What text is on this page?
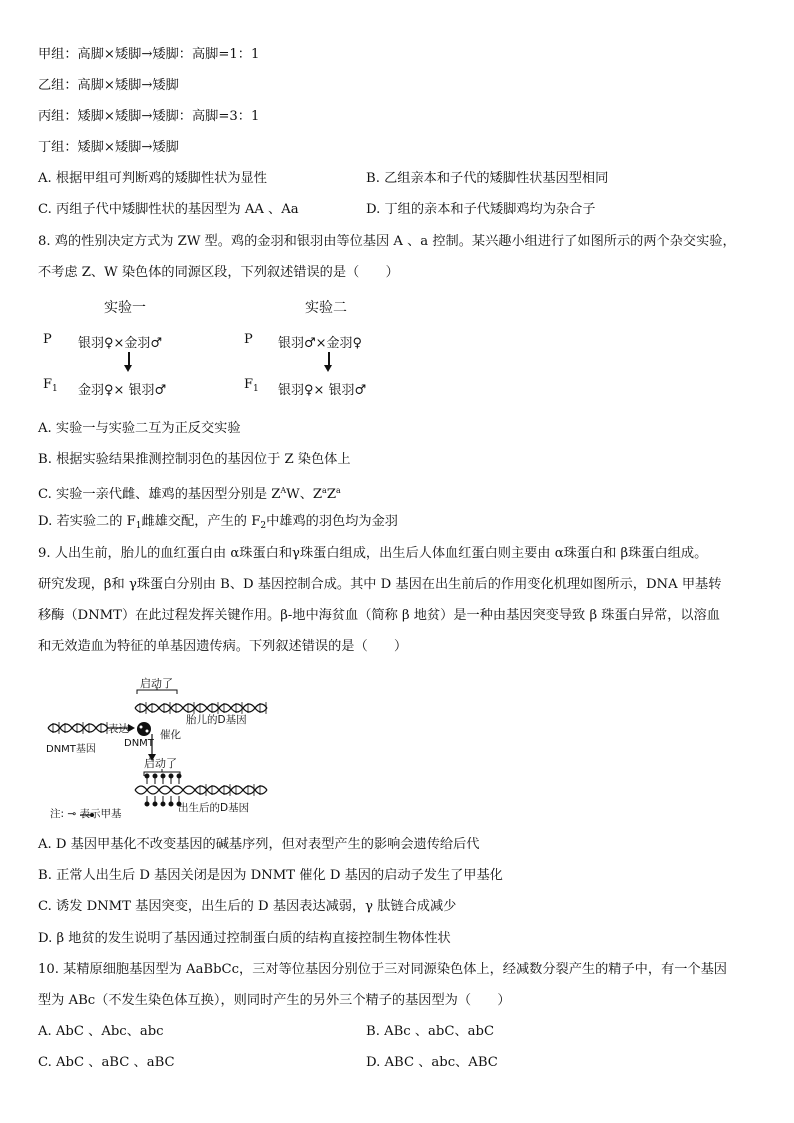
甲组：高脚×矮脚→矮脚：高脚=1：1
乙组：高脚×矮脚→矮脚
丙组：矮脚×矮脚→矮脚：高脚=3：1
丁组：矮脚×矮脚→矮脚
A. 根据甲组可判断鸡的矮脚性状为显性	B. 乙组亲本和子代的矮脚性状基因型相同
C. 丙组子代中矮脚性状的基因型为 AA 、Aa	D. 丁组的亲本和子代矮脚鸡均为杂合子
8. 鸡的性别决定方式为 ZW 型。鸡的金羽和银羽由等位基因 A 、a 控制。某兴趣小组进行了如图所示的两个杂交实验，
不考虑 Z、W 染色体的同源区段，下列叙述错误的是（　　）
实验一	实验二
P 银羽♀×金羽♂
$F_1$ 金羽♀× 银羽♂
P 银羽♂×金羽♀
$F_1$ 银羽♀× 银羽♂
A. 实验一与实验二互为正反交实验
B. 根据实验结果推测控制羽色的基因位于 Z 染色体上
C. 实验一亲代雌、雄鸡的基因型分别是 $Z^AW$、$Z^aZ^a$
D. 若实验二的 $F_1$雌雄交配，产生的 $F_2$中雄鸡的羽色均为金羽
9. 人出生前，胎儿的血红蛋白由 α珠蛋白和γ珠蛋白组成，出生后人体血红蛋白则主要由 α珠蛋白和 β珠蛋白组成。
研究发现，β和 γ珠蛋白分别由 B、D 基因控制合成。其中 D 基因在出生前后的作用变化机理如图所示，DNA 甲基转
移酶（DNMT）在此过程发挥关键作用。β-地中海贫血（简称 β 地贫）是一种由基因突变导致 β 珠蛋白异常，以溶血
和无效造血为特征的单基因遗传病。下列叙述错误的是（　　）
启动了
胎儿的D基因
表达
DNMT基因
DNMT
催化
启动了
出生后的D基因
注: ⊸ 表示甲基
A. D 基因甲基化不改变基因的碱基序列，但对表型产生的影响会遗传给后代
B. 正常人出生后 D 基因关闭是因为 DNMT 催化 D 基因的启动子发生了甲基化
C. 诱发 DNMT 基因突变，出生后的 D 基因表达减弱，γ 肽链合成减少
D. β 地贫的发生说明了基因通过控制蛋白质的结构直接控制生物体性状
10. 某精原细胞基因型为 AaBbCc，三对等位基因分别位于三对同源染色体上，经减数分裂产生的精子中，有一个基因
型为 ABc（不发生染色体互换），则同时产生的另外三个精子的基因型为（　　）
A. AbC 、Abc、abc	B. ABc 、abC、abC
C. AbC 、aBC 、aBC	D. ABC 、abc、ABC
